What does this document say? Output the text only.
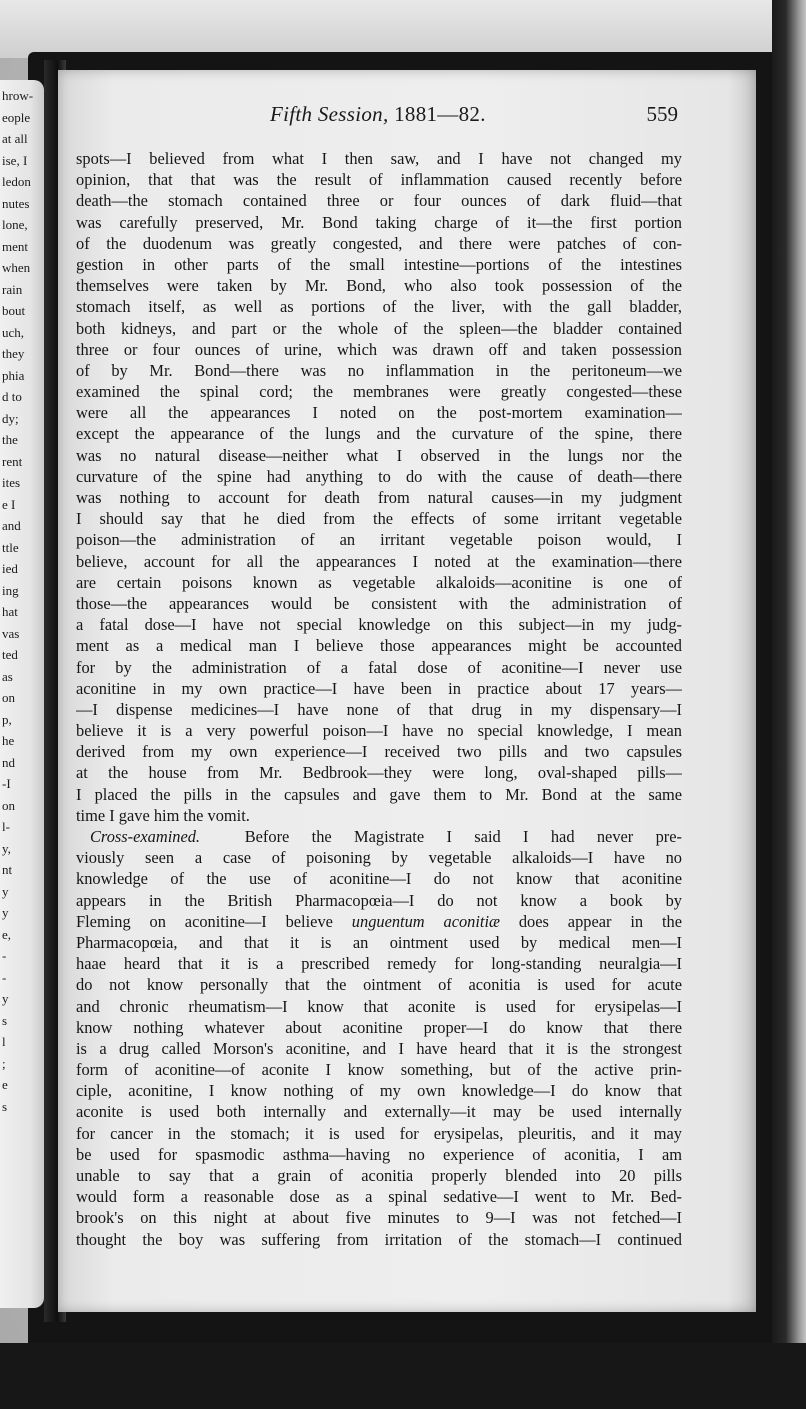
hrow-
eople
at all
ise, I
ledon
nutes
lone,
ment
when
rain
bout
uch,
they
phia
d to
dy;
the
rent
ites
e I
and
ttle
ied
ing
hat
vas
ted
as
on
p,
he
nd
-I
on
l-
y,
nt
y
y
e,
-
-
y
s
l
;
e
s
Fifth Session, 1881—82.	559
spots—I believed from what I then saw, and I have not changed my
opinion, that that was the result of inflammation caused recently before
death—the stomach contained three or four ounces of dark fluid—that
was carefully preserved, Mr. Bond taking charge of it—the first portion
of the duodenum was greatly congested, and there were patches of con-
gestion in other parts of the small intestine—portions of the intestines
themselves were taken by Mr. Bond, who also took possession of the
stomach itself, as well as portions of the liver, with the gall bladder,
both kidneys, and part or the whole of the spleen—the bladder contained
three or four ounces of urine, which was drawn off and taken possession
of by Mr. Bond—there was no inflammation in the peritoneum—we
examined the spinal cord; the membranes were greatly congested—these
were all the appearances I noted on the post-mortem examination—
except the appearance of the lungs and the curvature of the spine, there
was no natural disease—neither what I observed in the lungs nor the
curvature of the spine had anything to do with the cause of death—there
was nothing to account for death from natural causes—in my judgment
I should say that he died from the effects of some irritant vegetable
poison—the administration of an irritant vegetable poison would, I
believe, account for all the appearances I noted at the examination—there
are certain poisons known as vegetable alkaloids—aconitine is one of
those—the appearances would be consistent with the administration of
a fatal dose—I have not special knowledge on this subject—in my judg-
ment as a medical man I believe those appearances might be accounted
for by the administration of a fatal dose of aconitine—I never use
aconitine in my own practice—I have been in practice about 17 years—
—I dispense medicines—I have none of that drug in my dispensary—I
believe it is a very powerful poison—I have no special knowledge, I mean
derived from my own experience—I received two pills and two capsules
at the house from Mr. Bedbrook—they were long, oval-shaped pills—
I placed the pills in the capsules and gave them to Mr. Bond at the same
time I gave him the vomit.
Cross-examined.	Before the Magistrate I said I had never pre-
viously seen a case of poisoning by vegetable alkaloids—I have no
knowledge of the use of aconitine—I do not know that aconitine
appears in the British Pharmacopœia—I do not know a book by
Fleming on aconitine—I believe unguentum aconitiæ does appear in the
Pharmacopœia, and that it is an ointment used by medical men—I
haae heard that it is a prescribed remedy for long-standing neuralgia—I
do not know personally that the ointment of aconitia is used for acute
and chronic rheumatism—I know that aconite is used for erysipelas—I
know nothing whatever about aconitine proper—I do know that there
is a drug called Morson's aconitine, and I have heard that it is the strongest
form of aconitine—of aconite I know something, but of the active prin-
ciple, aconitine, I know nothing of my own knowledge—I do know that
aconite is used both internally and externally—it may be used internally
for cancer in the stomach; it is used for erysipelas, pleuritis, and it may
be used for spasmodic asthma—having no experience of aconitia, I am
unable to say that a grain of aconitia properly blended into 20 pills
would form a reasonable dose as a spinal sedative—I went to Mr. Bed-
brook's on this night at about five minutes to 9—I was not fetched—I
thought the boy was suffering from irritation of the stomach—I continued
